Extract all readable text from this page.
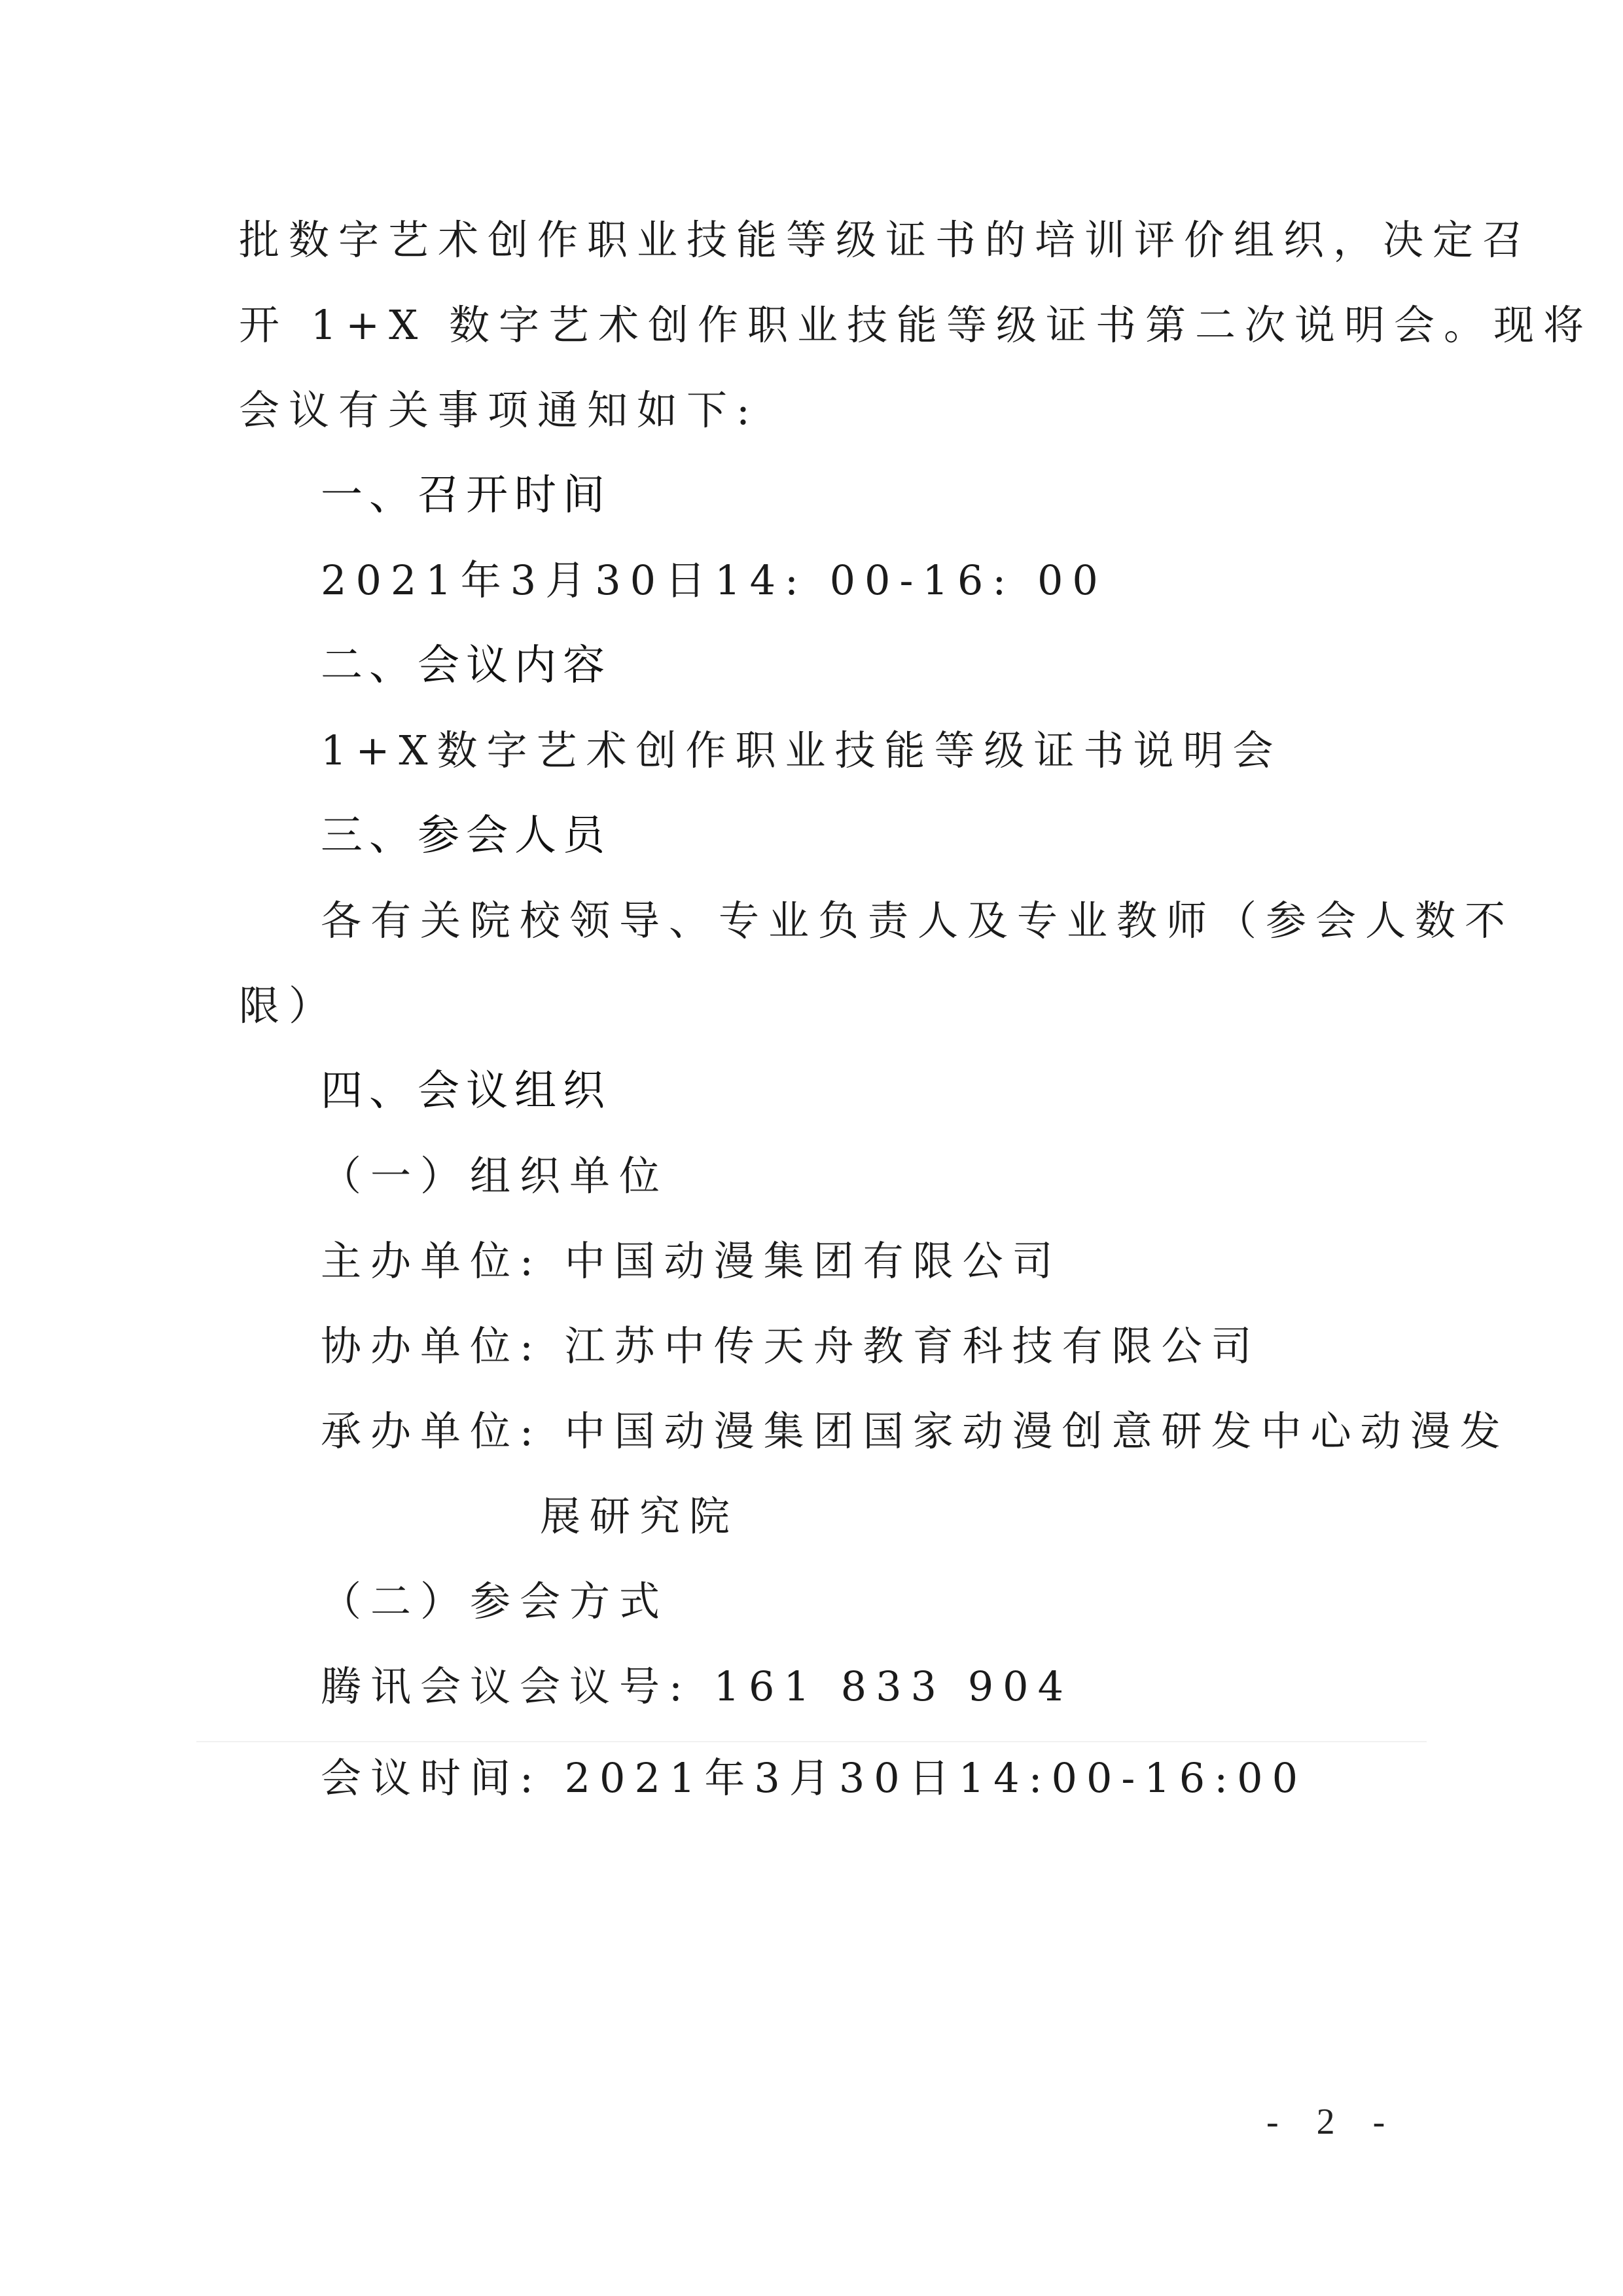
批数字艺术创作职业技能等级证书的培训评价组织，决定召
开 1+X 数字艺术创作职业技能等级证书第二次说明会。现将
会议有关事项通知如下:
一、召开时间
2021年3月30日14: 00-16: 00
二、会议内容
1+X数字艺术创作职业技能等级证书说明会
三、参会人员
各有关院校领导、专业负责人及专业教师（参会人数不
限）
四、会议组织
（一）组织单位
主办单位: 中国动漫集团有限公司
协办单位: 江苏中传天舟教育科技有限公司
承办单位: 中国动漫集团国家动漫创意研发中心动漫发
展研究院
（二）参会方式
腾讯会议会议号: 161 833 904
会议时间: 2021年3月30日14:00-16:00
- 2 -
